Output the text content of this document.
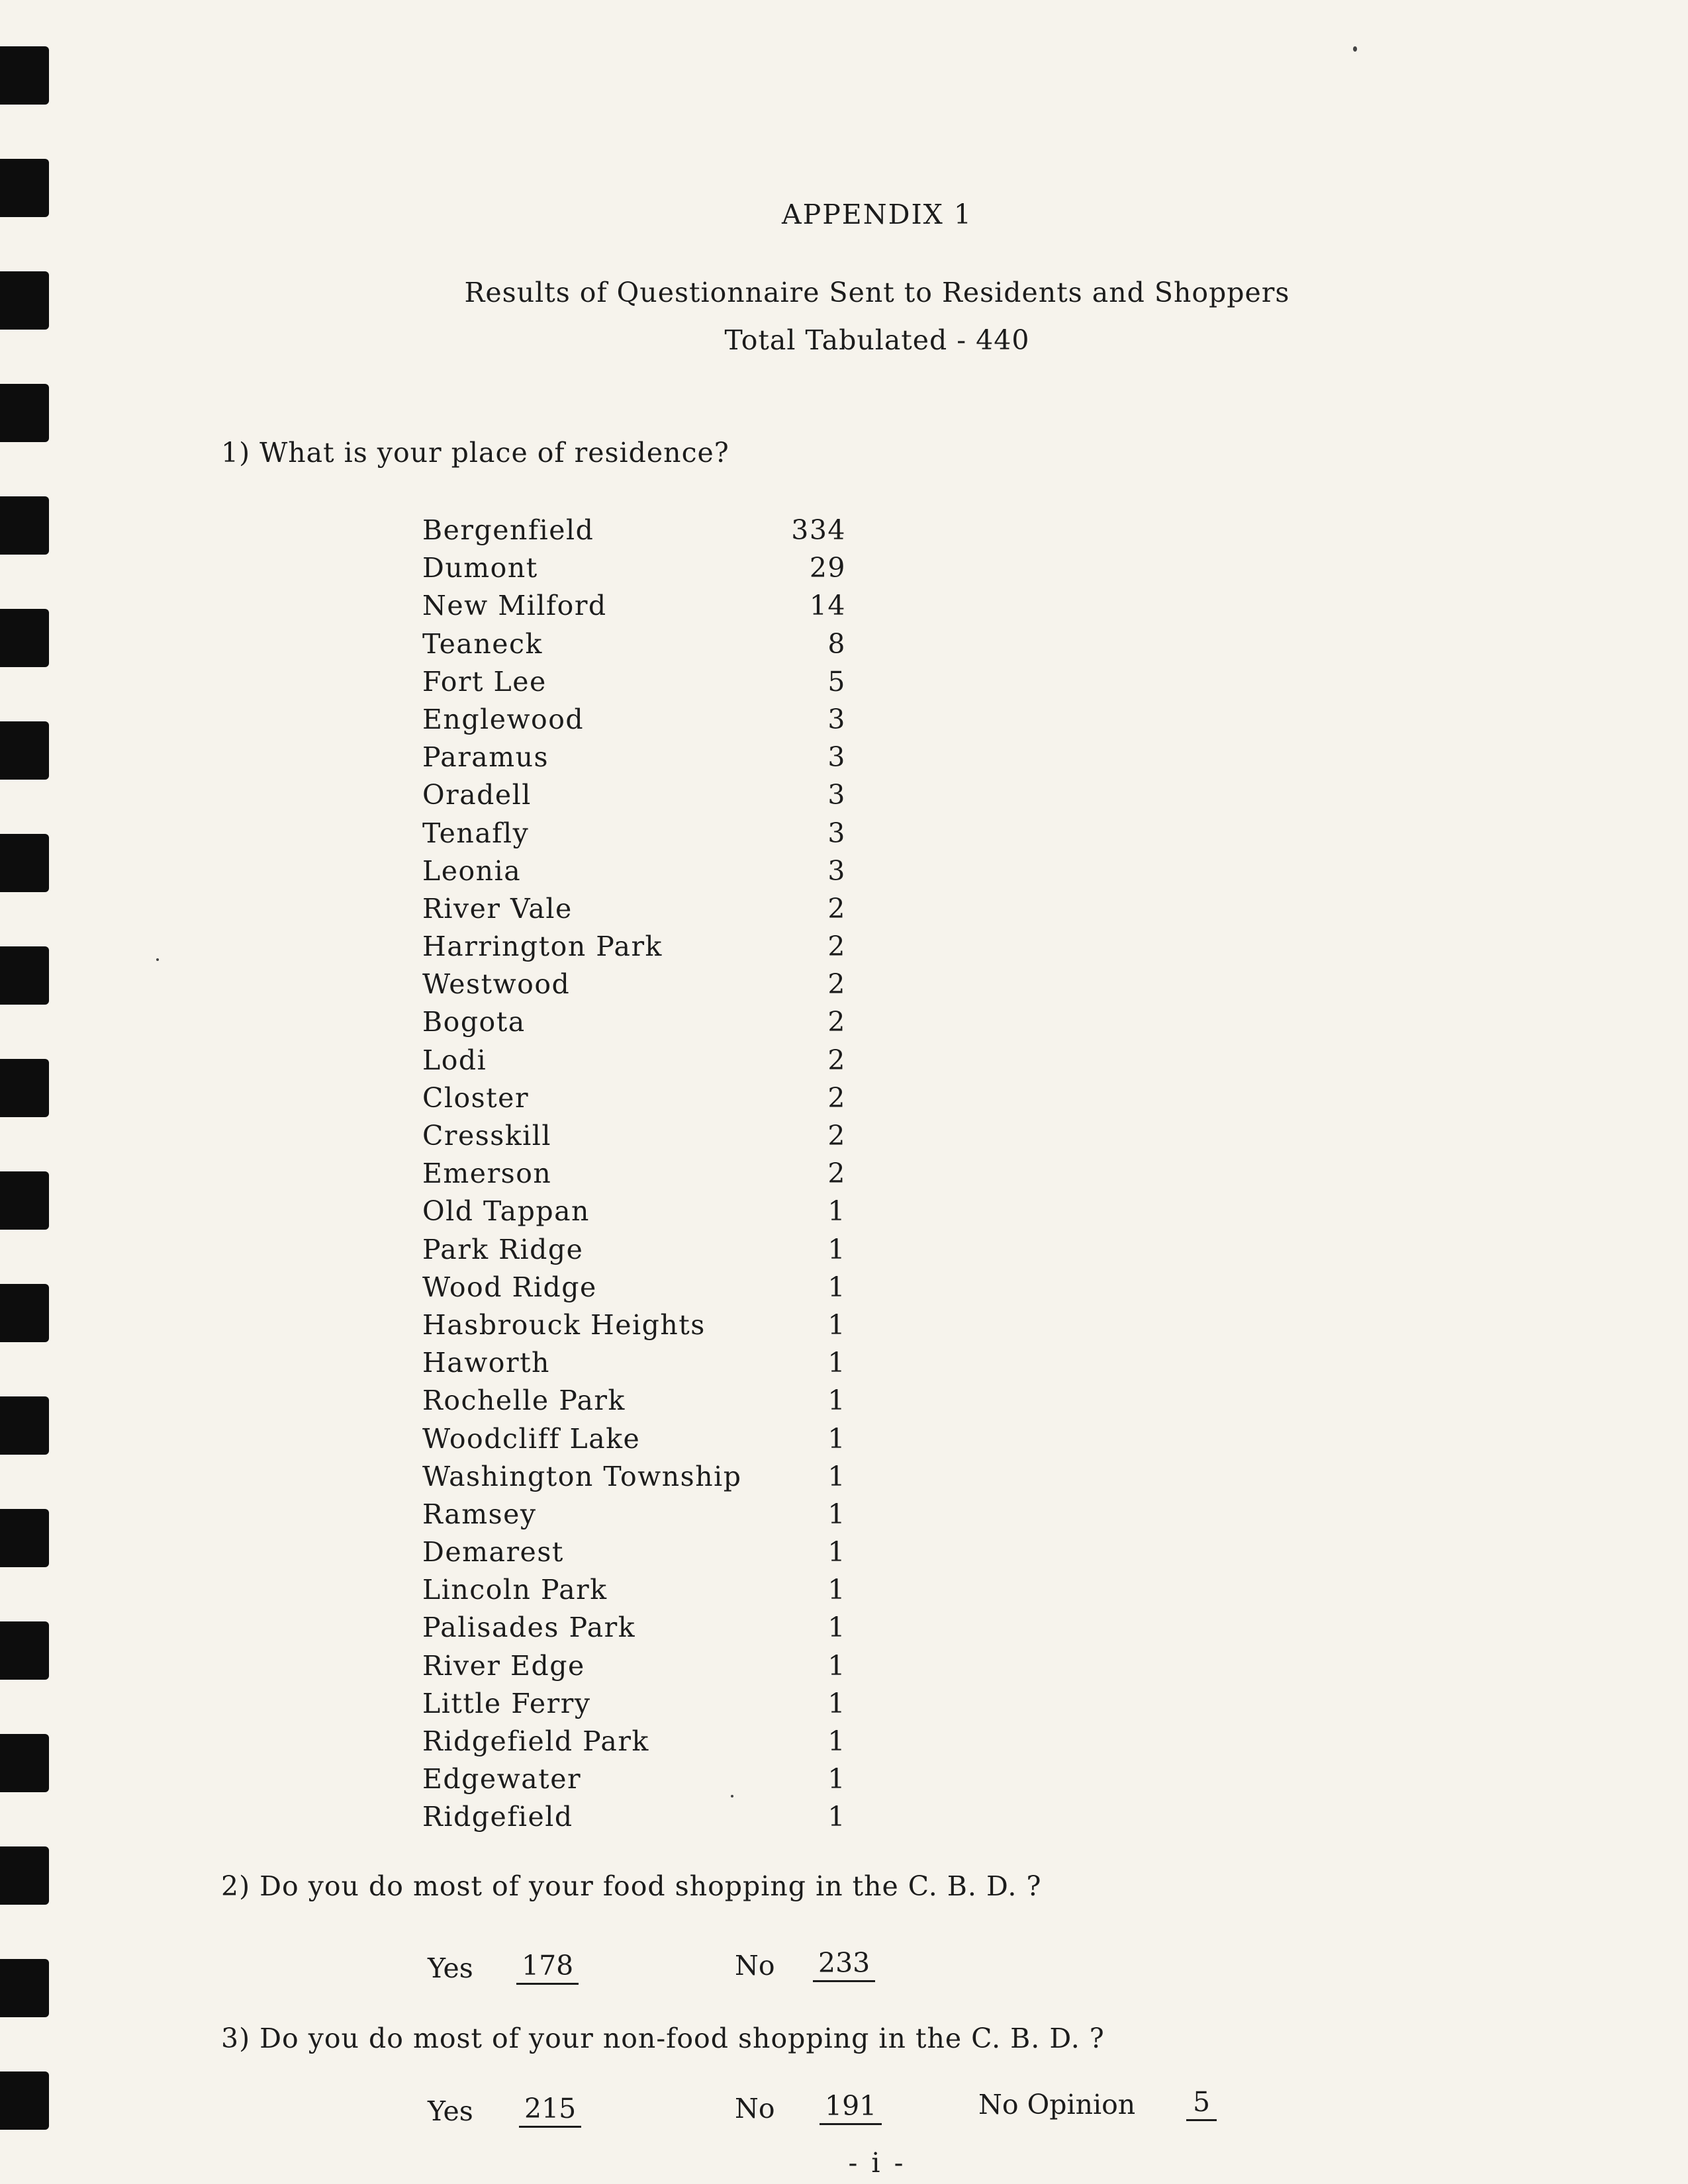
APPENDIX 1
Results of Questionnaire Sent to Residents and Shoppers
Total Tabulated - 440
1) What is your place of residence?
Bergenfield	334
Dumont	29
New Milford	14
Teaneck	8
Fort Lee	5
Englewood	3
Paramus	3
Oradell	3
Tenafly	3
Leonia	3
River Vale	2
Harrington Park	2
Westwood	2
Bogota	2
Lodi	2
Closter	2
Cresskill	2
Emerson	2
Old Tappan	1
Park Ridge	1
Wood Ridge	1
Hasbrouck Heights	1
Haworth	1
Rochelle Park	1
Woodcliff Lake	1
Washington Township	1
Ramsey	1
Demarest	1
Lincoln Park	1
Palisades Park	1
River Edge	1
Little Ferry	1
Ridgefield Park	1
Edgewater	1
Ridgefield	1
2) Do you do most of your food shopping in the C. B. D. ?
Yes 178	No 233
3) Do you do most of your non-food shopping in the C. B. D. ?
Yes 215	No 191	No Opinion 5
- i -
